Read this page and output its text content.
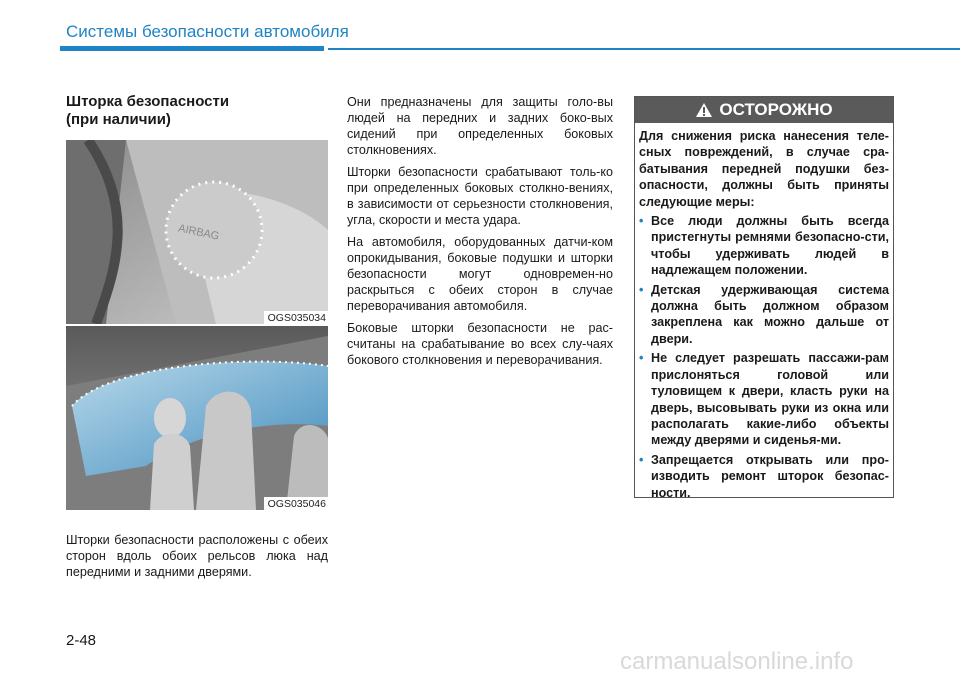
Системы безопасности автомобиля
Шторка безопасности
(при наличии)
AIRBAG
OGS035034
OGS035046
Шторки безопасности расположены с обеих сторон вдоль обоих рельсов люка над передними и задними дверями.

Они предназначены для защиты голо-вы людей на передних и задних боко-вых сидений при определенных боковых столкновениях.

Шторки безопасности срабатывают толь-ко при определенных боковых столкно-вениях, в зависимости от серьезности столкновения, угла, скорости и места удара.

На автомобиля, оборудованных датчи-ком опрокидывания, боковые подушки и шторки безопасности могут одновремен-но раскрыться с обеих сторон в случае переворачивания автомобиля.

Боковые шторки безопасности не рас-считаны на срабатывание во всех слу-чаях бокового столкновения и переворачивания.

ОСТОРОЖНО

Для снижения риска нанесения теле-сных повреждений, в случае сра-батывания передней подушки без-опасности, должны быть приняты следующие меры:

• Все люди должны быть всегда пристегнуты ремнями безопасно-сти, чтобы удерживать людей в надлежащем положении.
• Детская удерживающая система должна быть должном образом закреплена как можно дальше от двери.
• Не следует разрешать пассажи-рам прислоняться головой или туловищем к двери, класть руки на дверь, высовывать руки из окна или располагать какие-либо объекты между дверями и сиденья-ми.
• Запрещается открывать или про-изводить ремонт шторок безопас-ности.
2-48
carmanualsonline.info
